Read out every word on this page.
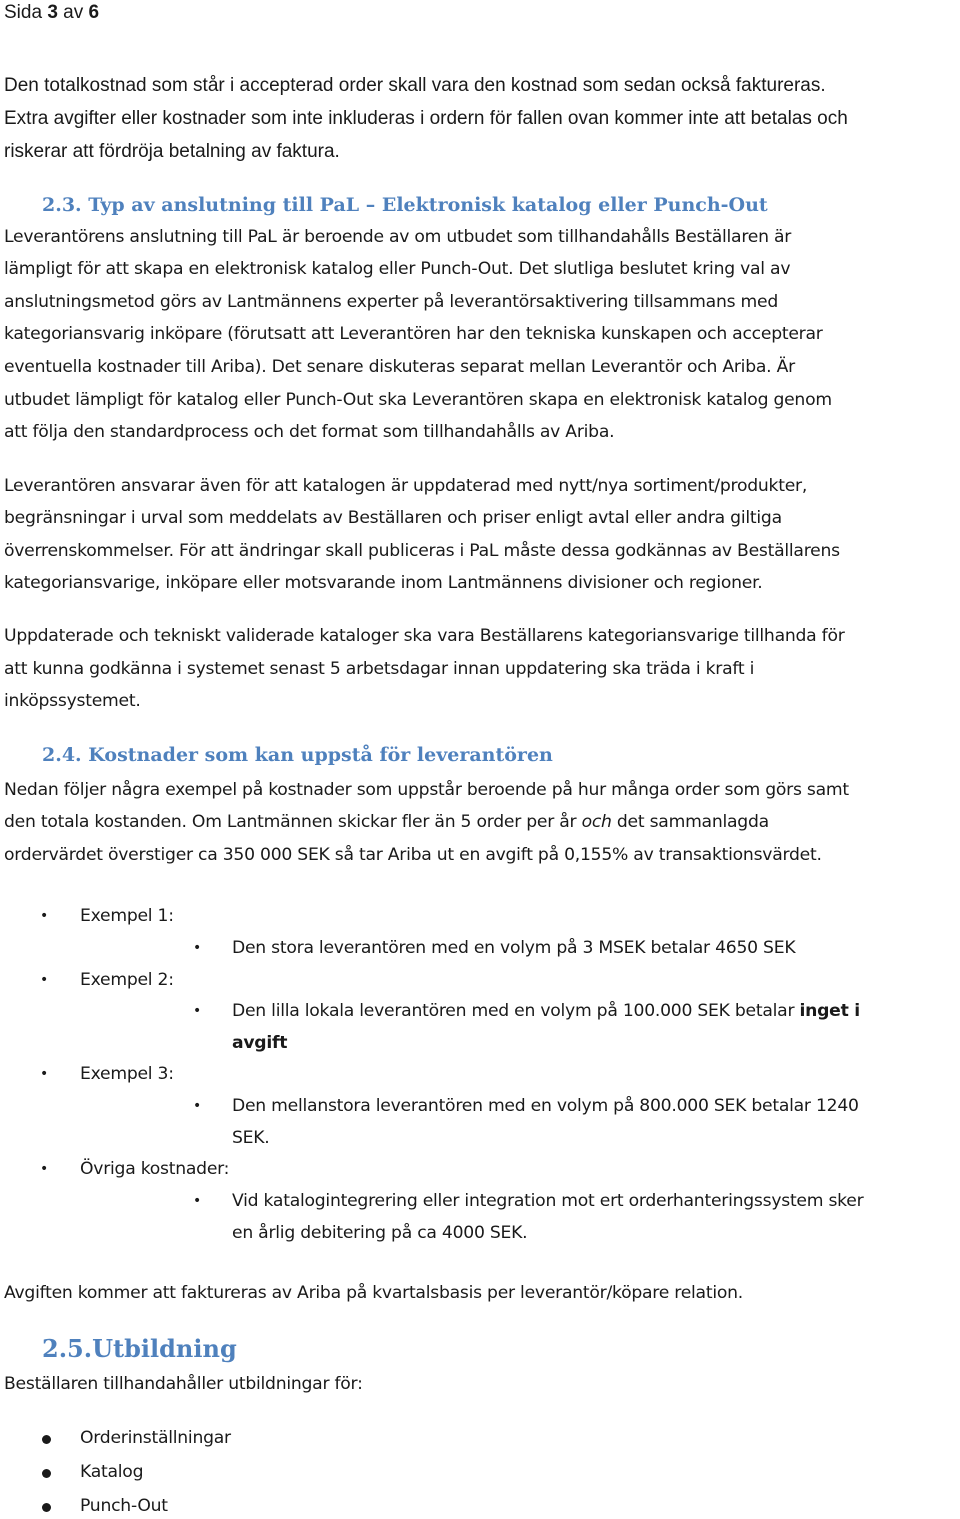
Sida 3 av 6
Den totalkostnad som står i accepterad order skall vara den kostnad som sedan också faktureras.
Extra avgifter eller kostnader som inte inkluderas i ordern för fallen ovan kommer inte att betalas och
riskerar att fördröja betalning av faktura.
2.3. Typ av anslutning till PaL – Elektronisk katalog eller Punch-Out
Leverantörens anslutning till PaL är beroende av om utbudet som tillhandahålls Beställaren är
lämpligt för att skapa en elektronisk katalog eller Punch-Out. Det slutliga beslutet kring val av
anslutningsmetod görs av Lantmännens experter på leverantörsaktivering tillsammans med
kategoriansvarig inköpare (förutsatt att Leverantören har den tekniska kunskapen och accepterar
eventuella kostnader till Ariba). Det senare diskuteras separat mellan Leverantör och Ariba. Är
utbudet lämpligt för katalog eller Punch-Out ska Leverantören skapa en elektronisk katalog genom
att följa den standardprocess och det format som tillhandahålls av Ariba.
Leverantören ansvarar även för att katalogen är uppdaterad med nytt/nya sortiment/produkter,
begränsningar i urval som meddelats av Beställaren och priser enligt avtal eller andra giltiga
överrenskommelser. För att ändringar skall publiceras i PaL måste dessa godkännas av Beställarens
kategoriansvarige, inköpare eller motsvarande inom Lantmännens divisioner och regioner.
Uppdaterade och tekniskt validerade kataloger ska vara Beställarens kategoriansvarige tillhanda för
att kunna godkänna i systemet senast 5 arbetsdagar innan uppdatering ska träda i kraft i
inköpssystemet.
2.4. Kostnader som kan uppstå för leverantören
Nedan följer några exempel på kostnader som uppstår beroende på hur många order som görs samt
den totala kostanden. Om Lantmännen skickar fler än 5 order per år och det sammanlagda
ordervärdet överstiger ca 350 000 SEK så tar Ariba ut en avgift på 0,155% av transaktionsvärdet.
• Exempel 1:
• Den stora leverantören med en volym på 3 MSEK betalar 4650 SEK
• Exempel 2:
• Den lilla lokala leverantören med en volym på 100.000 SEK betalar inget i
avgift
• Exempel 3:
• Den mellanstora leverantören med en volym på 800.000 SEK betalar 1240
SEK.
• Övriga kostnader:
• Vid katalogintegrering eller integration mot ert orderhanteringssystem sker
en årlig debitering på ca 4000 SEK.
Avgiften kommer att faktureras av Ariba på kvartalsbasis per leverantör/köpare relation.
2.5.Utbildning
Beställaren tillhandahåller utbildningar för:
Orderinställningar
Katalog
Punch-Out
